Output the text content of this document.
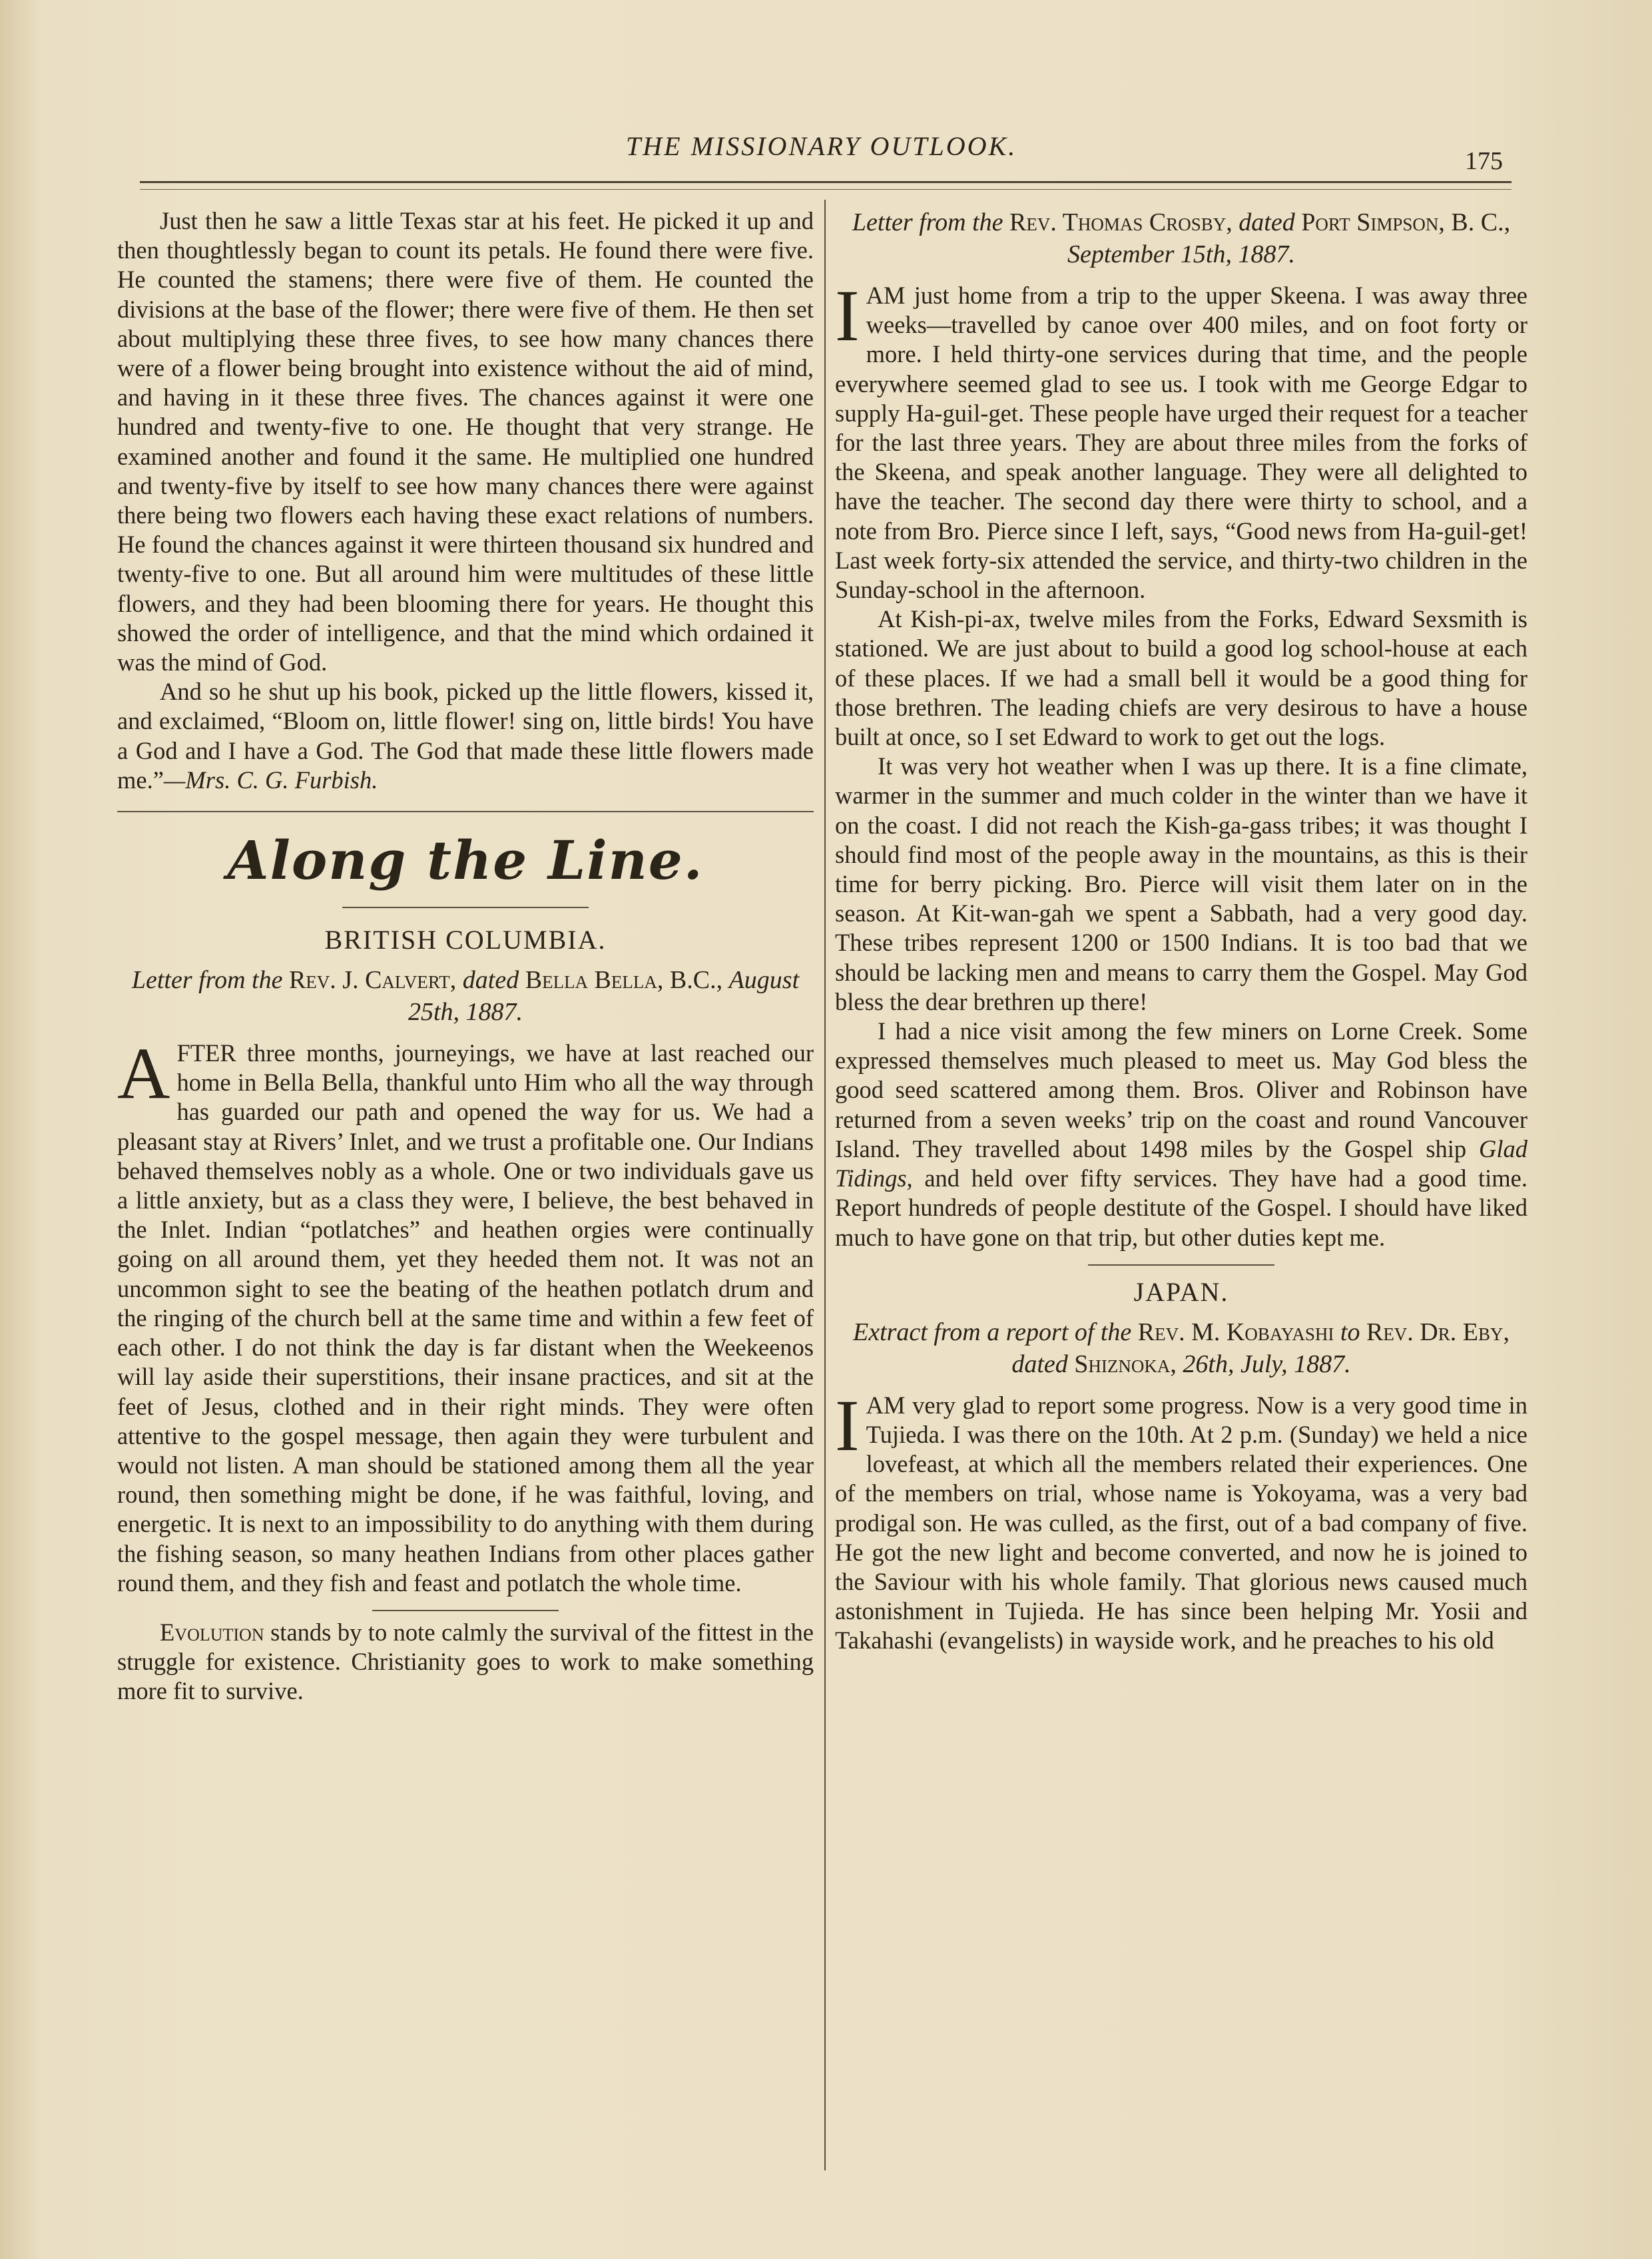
THE MISSIONARY OUTLOOK.	175

Just then he saw a little Texas star at his feet. He picked it up and then thoughtlessly began to count its petals. He found there were five. He counted the stamens; there were five of them. He counted the divisions at the base of the flower; there were five of them. He then set about multiplying these three fives, to see how many chances there were of a flower being brought into existence without the aid of mind, and having in it these three fives. The chances against it were one hundred and twenty-five to one. He thought that very strange. He examined another and found it the same. He multiplied one hundred and twenty-five by itself to see how many chances there were against there being two flowers each having these exact relations of numbers. He found the chances against it were thirteen thousand six hundred and twenty-five to one. But all around him were multitudes of these little flowers, and they had been blooming there for years. He thought this showed the order of intelligence, and that the mind which ordained it was the mind of God.

And so he shut up his book, picked up the little flowers, kissed it, and exclaimed, “Bloom on, little flower! sing on, little birds! You have a God and I have a God. The God that made these little flowers made me.”—Mrs. C. G. Furbish.

Along the Line.
BRITISH COLUMBIA.
Letter from the Rev. J. Calvert, dated Bella Bella, B.C., August 25th, 1887.

AFTER three months, journeyings, we have at last reached our home in Bella Bella, thankful unto Him who all the way through has guarded our path and opened the way for us. We had a pleasant stay at Rivers’ Inlet, and we trust a profitable one. Our Indians behaved themselves nobly as a whole. One or two individuals gave us a little anxiety, but as a class they were, I believe, the best behaved in the Inlet. Indian “potlatches” and heathen orgies were continually going on all around them, yet they heeded them not. It was not an uncommon sight to see the beating of the heathen potlatch drum and the ringing of the church bell at the same time and within a few feet of each other. I do not think the day is far distant when the Weekeenos will lay aside their superstitions, their insane practices, and sit at the feet of Jesus, clothed and in their right minds. They were often attentive to the gospel message, then again they were turbulent and would not listen. A man should be stationed among them all the year round, then something might be done, if he was faithful, loving, and energetic. It is next to an impossibility to do anything with them during the fishing season, so many heathen Indians from other places gather round them, and they fish and feast and potlatch the whole time.

Evolution stands by to note calmly the survival of the fittest in the struggle for existence. Christianity goes to work to make something more fit to survive.

Letter from the Rev. Thomas Crosby, dated Port Simpson, B. C., September 15th, 1887.

IAM just home from a trip to the upper Skeena. I was away three weeks—travelled by canoe over 400 miles, and on foot forty or more. I held thirty-one services during that time, and the people everywhere seemed glad to see us. I took with me George Edgar to supply Ha-guil-get. These people have urged their request for a teacher for the last three years. They are about three miles from the forks of the Skeena, and speak another language. They were all delighted to have the teacher. The second day there were thirty to school, and a note from Bro. Pierce since I left, says, “Good news from Ha-guil-get! Last week forty-six attended the service, and thirty-two children in the Sunday-school in the afternoon.

At Kish-pi-ax, twelve miles from the Forks, Edward Sexsmith is stationed. We are just about to build a good log school-house at each of these places. If we had a small bell it would be a good thing for those brethren. The leading chiefs are very desirous to have a house built at once, so I set Edward to work to get out the logs.

It was very hot weather when I was up there. It is a fine climate, warmer in the summer and much colder in the winter than we have it on the coast. I did not reach the Kish-ga-gass tribes; it was thought I should find most of the people away in the mountains, as this is their time for berry picking. Bro. Pierce will visit them later on in the season. At Kit-wan-gah we spent a Sabbath, had a very good day. These tribes represent 1200 or 1500 Indians. It is too bad that we should be lacking men and means to carry them the Gospel. May God bless the dear brethren up there!

I had a nice visit among the few miners on Lorne Creek. Some expressed themselves much pleased to meet us. May God bless the good seed scattered among them. Bros. Oliver and Robinson have returned from a seven weeks’ trip on the coast and round Vancouver Island. They travelled about 1498 miles by the Gospel ship Glad Tidings, and held over fifty services. They have had a good time. Report hundreds of people destitute of the Gospel. I should have liked much to have gone on that trip, but other duties kept me.

JAPAN.
Extract from a report of the Rev. M. Kobayashi to Rev. Dr. Eby, dated Shiznoka, 26th, July, 1887.

IAM very glad to report some progress. Now is a very good time in Tujieda. I was there on the 10th. At 2 p.m. (Sunday) we held a nice lovefeast, at which all the members related their experiences. One of the members on trial, whose name is Yokoyama, was a very bad prodigal son. He was culled, as the first, out of a bad company of five. He got the new light and become converted, and now he is joined to the Saviour with his whole family. That glorious news caused much astonishment in Tujieda. He has since been helping Mr. Yosii and Takahashi (evangelists) in wayside work, and he preaches to his old
